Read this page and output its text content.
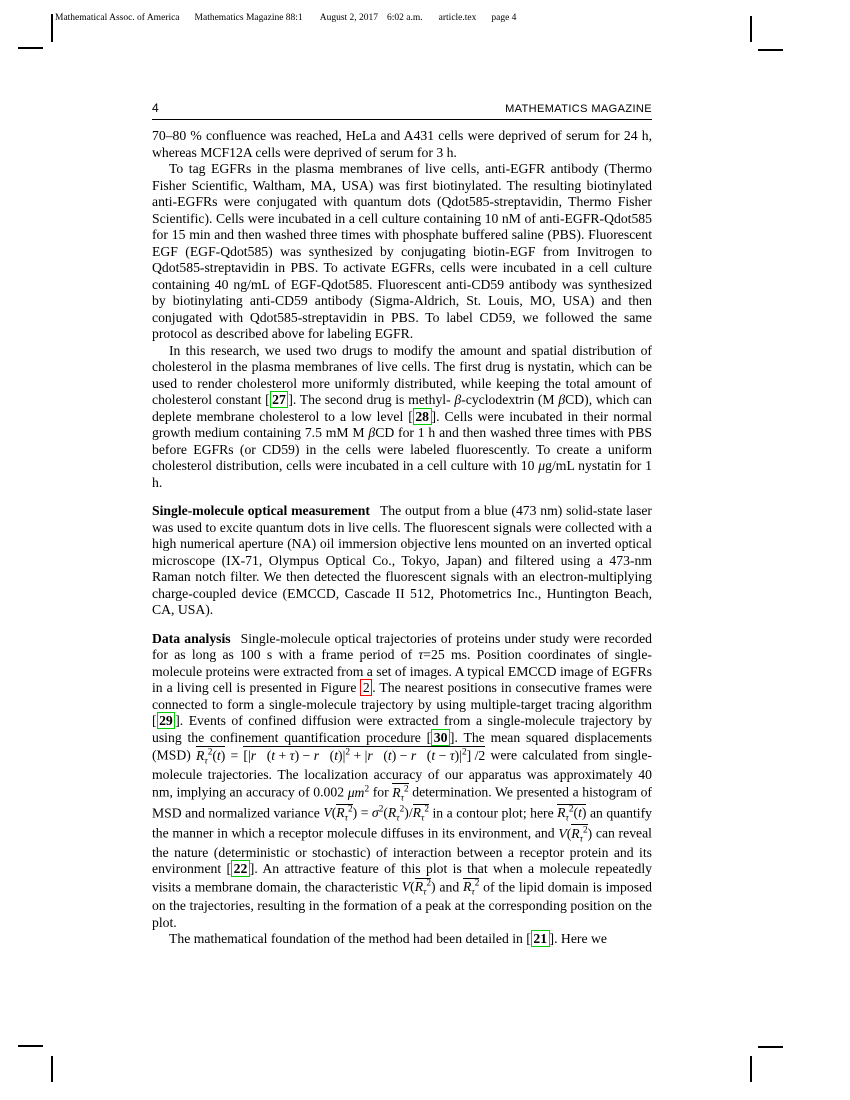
Mathematical Assoc. of America Mathematics Magazine 88:1 August 2, 2017 6:02 a.m. article.tex page 4
4	MATHEMATICS MAGAZINE

70–80 % confluence was reached, HeLa and A431 cells were deprived of serum for 24 h, whereas MCF12A cells were deprived of serum for 3 h.

To tag EGFRs in the plasma membranes of live cells, anti-EGFR antibody (Thermo Fisher Scientific, Waltham, MA, USA) was first biotinylated. The resulting biotinylated anti-EGFRs were conjugated with quantum dots (Qdot585-streptavidin, Thermo Fisher Scientific). Cells were incubated in a cell culture containing 10 nM of anti-EGFR-Qdot585 for 15 min and then washed three times with phosphate buffered saline (PBS). Fluorescent EGF (EGF-Qdot585) was synthesized by conjugating biotin-EGF from Invitrogen to Qdot585-streptavidin in PBS. To activate EGFRs, cells were incubated in a cell culture containing 40 ng/mL of EGF-Qdot585. Fluorescent anti-CD59 antibody was synthesized by biotinylating anti-CD59 antibody (Sigma-Aldrich, St. Louis, MO, USA) and then conjugated with Qdot585-streptavidin in PBS. To label CD59, we followed the same protocol as described above for labeling EGFR.

In this research, we used two drugs to modify the amount and spatial distribution of cholesterol in the plasma membranes of live cells. The first drug is nystatin, which can be used to render cholesterol more uniformly distributed, while keeping the total amount of cholesterol constant [ 27 ]. The second drug is methyl- β-cyclodextrin (M βCD), which can deplete membrane cholesterol to a low level [ 28 ]. Cells were incubated in their normal growth medium containing 7.5 mM M βCD for 1 h and then washed three times with PBS before EGFRs (or CD59) in the cells were labeled fluorescently. To create a uniform cholesterol distribution, cells were incubated in a cell culture with 10 μg/mL nystatin for 1 h.

Single-molecule optical measurement The output from a blue (473 nm) solid-state laser was used to excite quantum dots in live cells. The fluorescent signals were collected with a high numerical aperture (NA) oil immersion objective lens mounted on an inverted optical microscope (IX-71, Olympus Optical Co., Tokyo, Japan) and filtered using a 473-nm Raman notch filter. We then detected the fluorescent signals with an electron-multiplying charge-coupled device (EMCCD, Cascade II 512, Photometrics Inc., Huntington Beach, CA, USA).

Data analysis Single-molecule optical trajectories of proteins under study were recorded for as long as 100 s with a frame period of τ=25 ms. Position coordinates of single-molecule proteins were extracted from a set of images. A typical EMCCD image of EGFRs in a living cell is presented in Figure 2 . The nearest positions in consecutive frames were connected to form a single-molecule trajectory by using multiple-target tracing algorithm [ 29 ]. Events of confined diffusion were extracted from a single-molecule trajectory by using the confinement quantification procedure [ 30 ]. The mean squared displacements (MSD) $R_\tau^2(t)$ = [|r⃗(t + $\tau) - r⃗(t)|^2$ + |r⃗(t) − r⃗(t − $\tau)|^2$] /2 were calculated from single-molecule trajectories. The localization accuracy of our apparatus was approximately 40 nm, implying an accuracy of 0.002 $\mu m^2$ for $R_\tau^2$ determination. We presented a histogram of MSD and normalized variance $V(R_\tau^2) = \sigma^2(R_\tau^2)/R_\tau^2$ in a contour plot; here $R_\tau^2(t)$ an quantify the manner in which a receptor molecule diffuses in its environment, and $V(R_\tau^2)$ can reveal the nature (deterministic or stochastic) of interaction between a receptor protein and its environment [ 22 ]. An attractive feature of this plot is that when a molecule repeatedly visits a membrane domain, the characteristic $V(R_\tau^2)$ and $R_\tau^2$ of the lipid domain is imposed on the trajectories, resulting in the formation of a peak at the corresponding position on the plot.

The mathematical foundation of the method had been detailed in [ 21 ]. Here we
